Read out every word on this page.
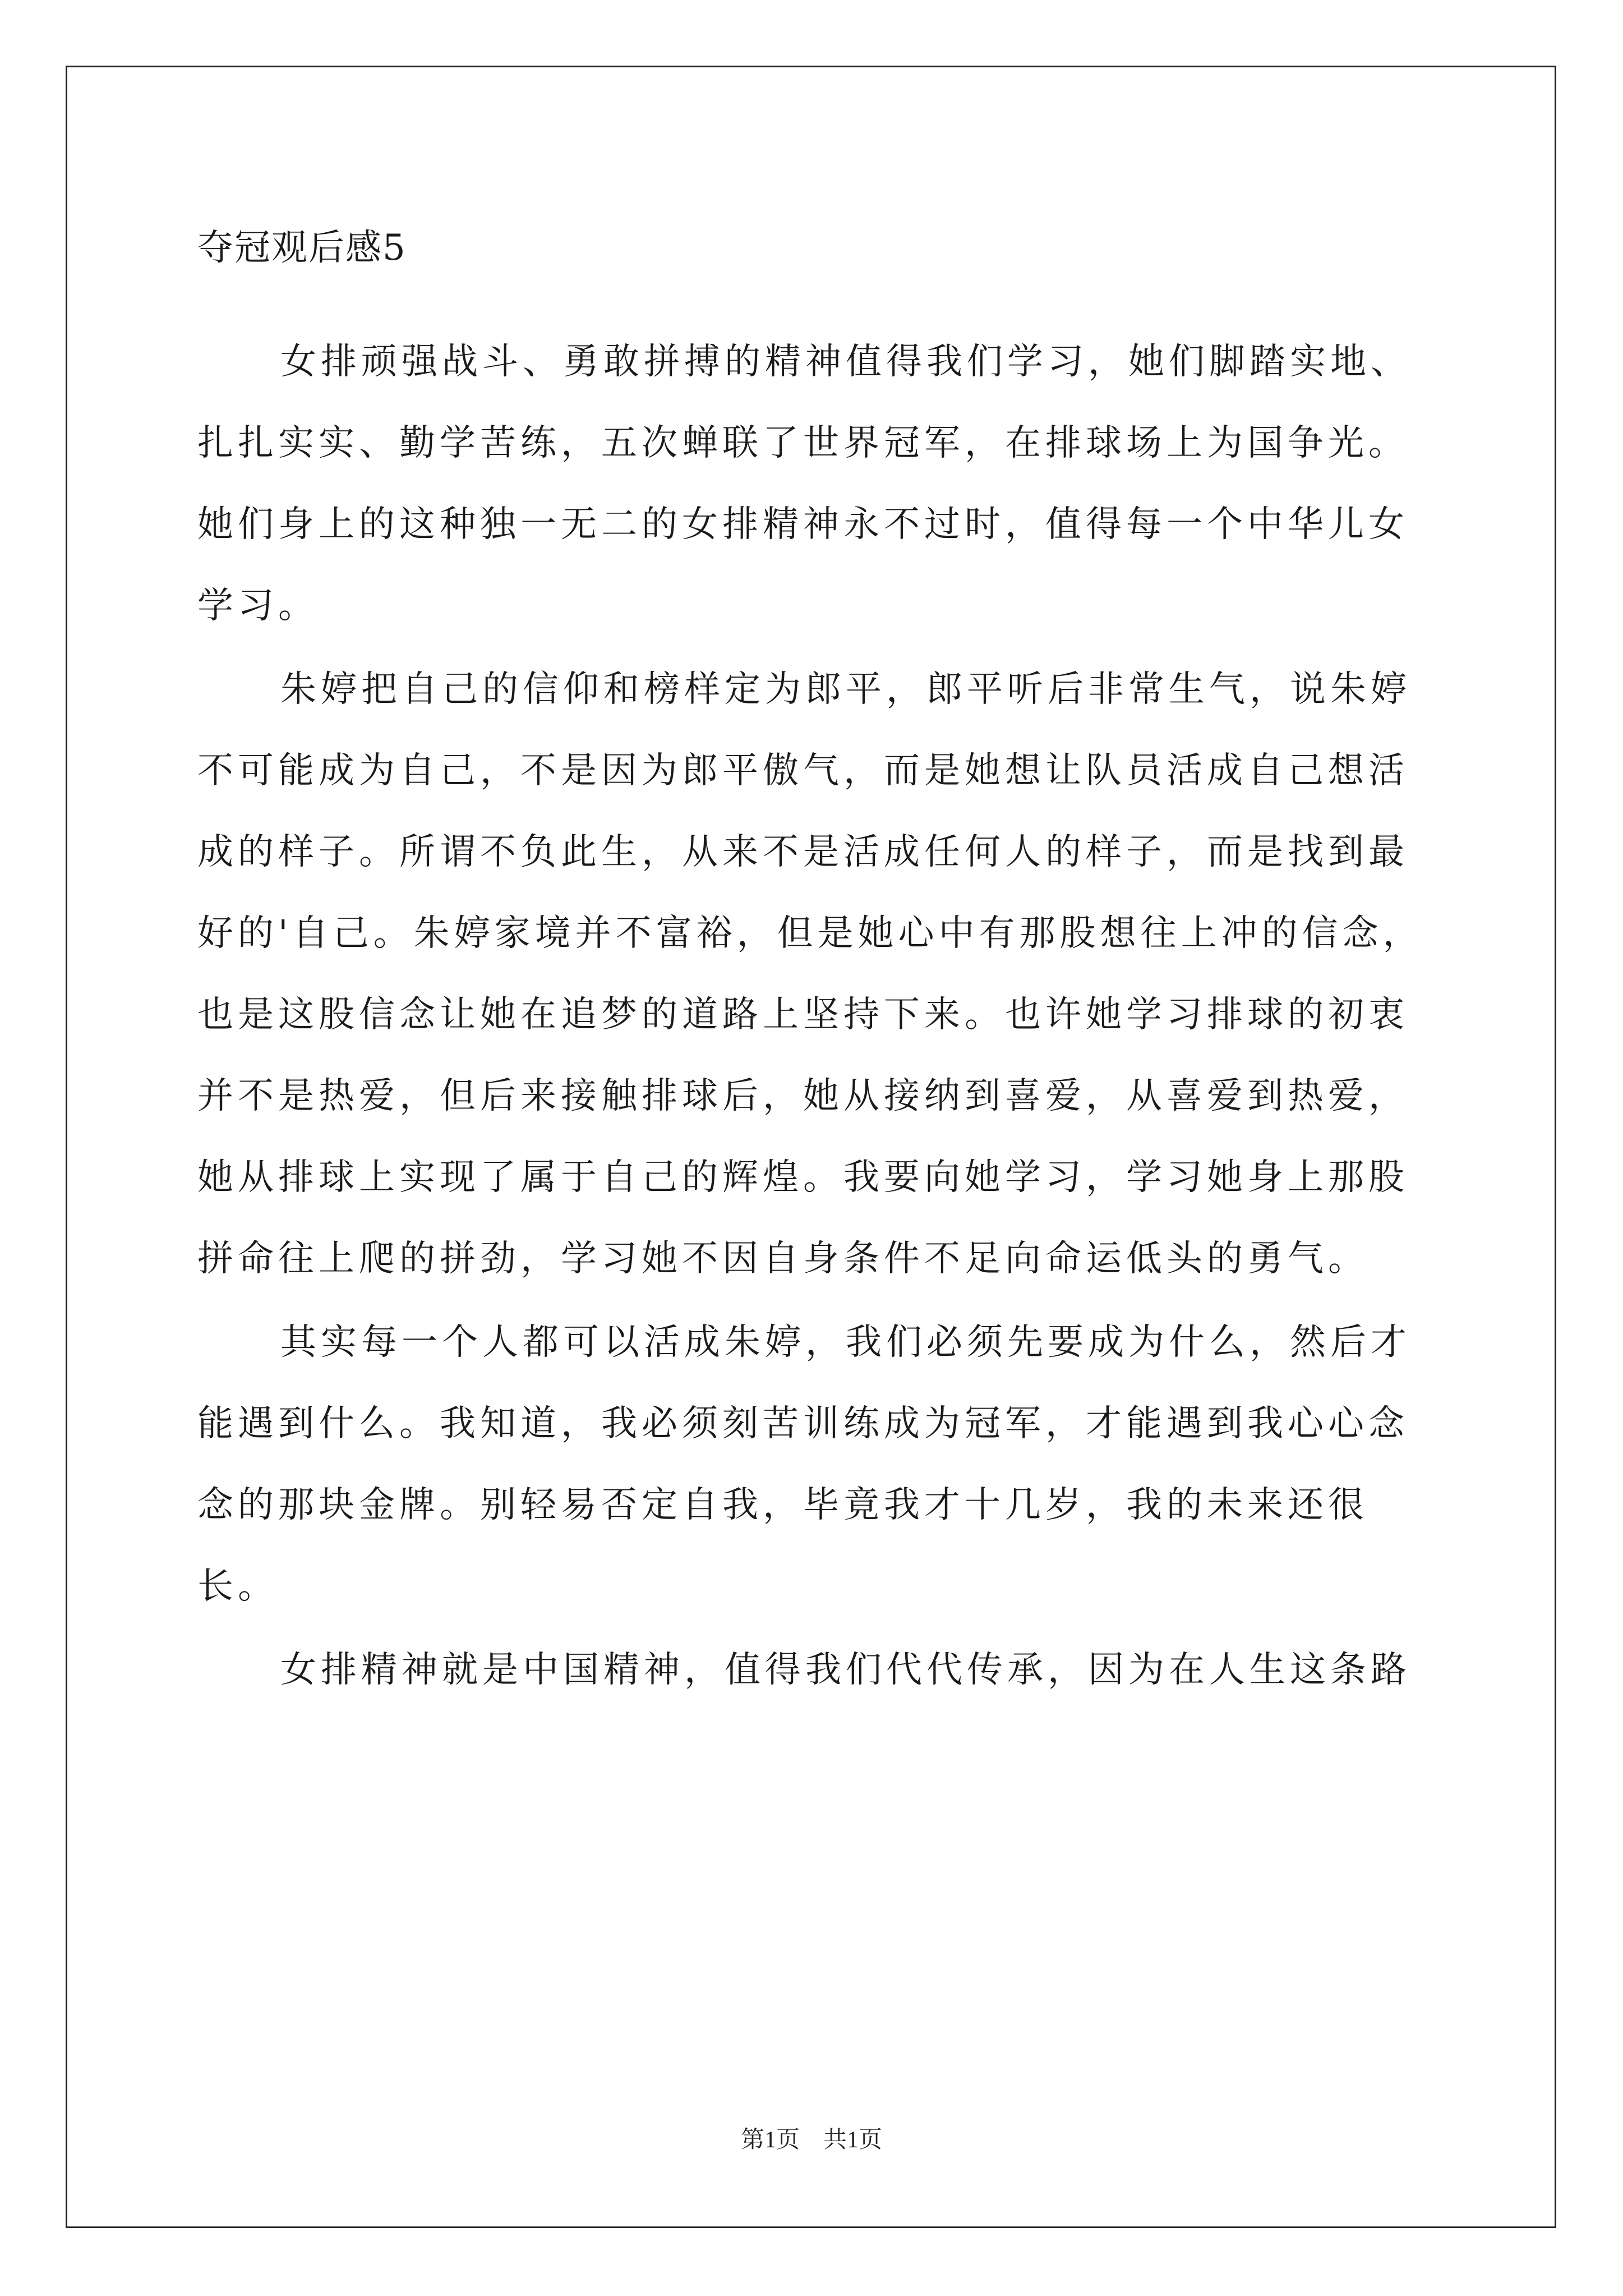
夺冠观后感5

女排顽强战斗、勇敢拼搏的精神值得我们学习，她们脚踏实地、扎扎实实、勤学苦练，五次蝉联了世界冠军，在排球场上为国争光。她们身上的这种独一无二的女排精神永不过时，值得每一个中华儿女学习。

朱婷把自己的信仰和榜样定为郎平，郎平听后非常生气，说朱婷不可能成为自己，不是因为郎平傲气，而是她想让队员活成自己想活成的样子。所谓不负此生，从来不是活成任何人的样子，而是找到最好的'自己。朱婷家境并不富裕，但是她心中有那股想往上冲的信念，也是这股信念让她在追梦的道路上坚持下来。也许她学习排球的初衷并不是热爱，但后来接触排球后，她从接纳到喜爱，从喜爱到热爱，她从排球上实现了属于自己的辉煌。我要向她学习，学习她身上那股拼命往上爬的拼劲，学习她不因自身条件不足向命运低头的勇气。

其实每一个人都可以活成朱婷，我们必须先要成为什么，然后才能遇到什么。我知道，我必须刻苦训练成为冠军，才能遇到我心心念念的那块金牌。别轻易否定自我，毕竟我才十几岁，我的未来还很长。

女排精神就是中国精神，值得我们代代传承，因为在人生这条路

第1页　共1页
